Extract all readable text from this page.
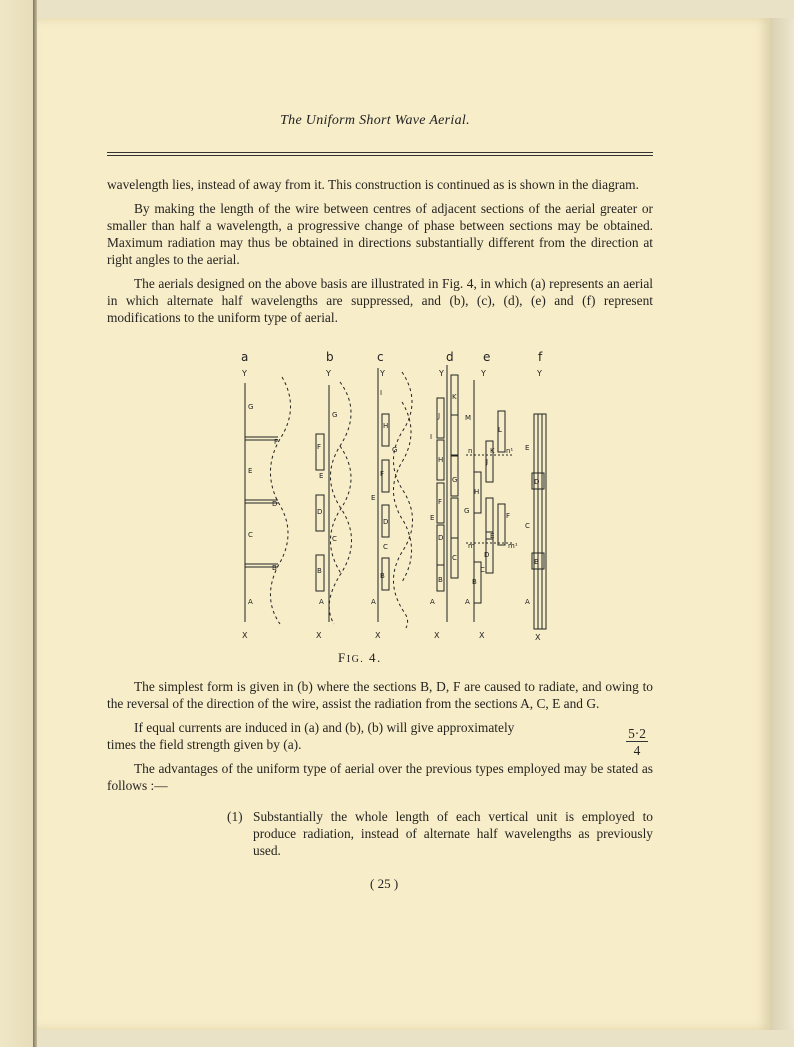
The Uniform Short Wave Aerial.

wavelength lies, instead of away from it. This construction is continued as is shown in the diagram.

By making the length of the wire between centres of adjacent sections of the aerial greater or smaller than half a wavelength, a progressive change of phase between sections may be obtained. Maximum radiation may thus be obtained in directions substantially different from the direction at right angles to the aerial.

The aerials designed on the above basis are illustrated in Fig. 4, in which (a) represents an aerial in which alternate half wavelengths are suppressed, and (b), (c), (d), (e) and (f) represent modifications to the uniform type of aerial.

a	b	c	d e	f
Y	Y	Y	Y	Y	Y
X	X	X	X	X	X
G
F
E
D
C
B
A
G
F
E
D
C
B
A
I
H
G
F
E
D
C
B
A
K
J
I
H
G
F
E
D
C
B
A
M
L
n	K n¹
J
I
H
G
F
E
m	m¹
D
C
B
A
E
D
C
B
A
FIG. 4.

The simplest form is given in (b) where the sections B, D, F are caused to radiate, and owing to the reversal of the direction of the wire, assist the radiation from the sections A, C, E and G.

If equal currents are induced in (a) and (b), (b) will give approximately

times the field strength given by (a).

The advantages of the uniform type of aerial over the previous types employed may be stated as follows :—

$\frac{5\cdot 2}{4}$
(1) Substantially the whole length of each vertical unit is employed to produce radiation, instead of alternate half wavelengths as previously used.
( 25 )
